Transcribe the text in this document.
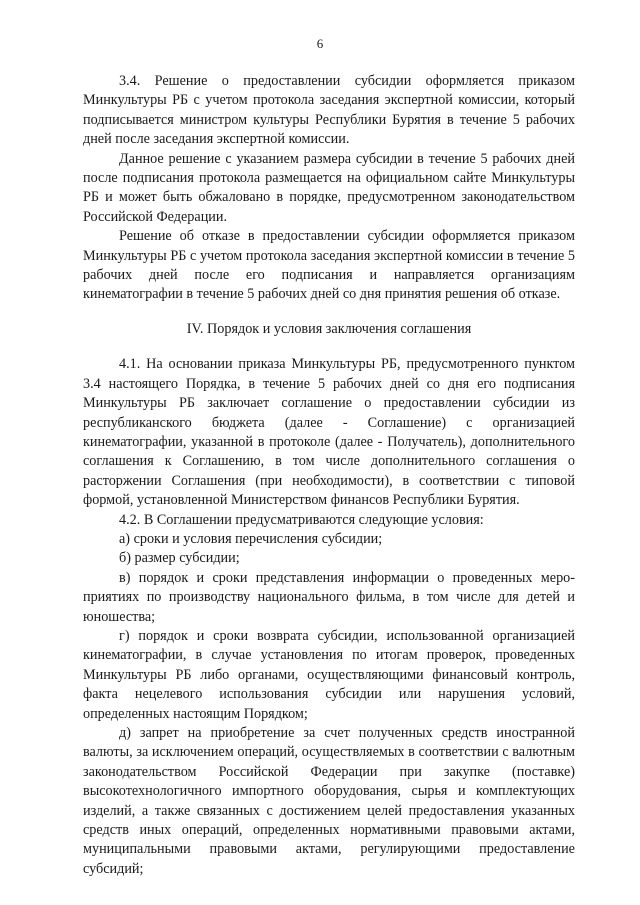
6

3.4. Решение о предоставлении субсидии оформляется приказом Минкультуры РБ с учетом протокола заседания экспертной комиссии, который подписывается министром культуры Республики Бурятия в течение 5 рабочих дней после заседания экспертной комиссии.

Данное решение с указанием размера субсидии в течение 5 рабочих дней после подписания протокола размещается на официальном сайте Минкультуры РБ и может быть обжаловано в порядке, предусмотренном законодательством Российской Федерации.

Решение об отказе в предоставлении субсидии оформляется приказом Минкультуры РБ с учетом протокола заседания экспертной комиссии в течение 5 рабочих дней после его подписания и направляется организациям кинематографии в течение 5 рабочих дней со дня принятия решения об отказе.

IV. Порядок и условия заключения соглашения

4.1. На основании приказа Минкультуры РБ, предусмотренного пунктом 3.4 настоящего Порядка, в течение 5 рабочих дней со дня его подписания Минкультуры РБ заключает соглашение о предоставлении субсидии из республиканского бюджета (далее - Соглашение) с организацией кинематографии, указанной в протоколе (далее - Получатель), дополнительного соглашения к Соглашению, в том числе дополнительного соглашения о расторжении Соглашения (при необходимости), в соответствии с типовой формой, установленной Министерством финансов Республики Бурятия.

4.2. В Соглашении предусматриваются следующие условия:

а) сроки и условия перечисления субсидии;

б) размер субсидии;

в) порядок и сроки представления информации о проведенных мероприятиях по производству национального фильма, в том числе для детей и юношества;

г) порядок и сроки возврата субсидии, использованной организацией кинематографии, в случае установления по итогам проверок, проведенных Минкультуры РБ либо органами, осуществляющими финансовый контроль, факта нецелевого использования субсидии или нарушения условий, определенных настоящим Порядком;

д) запрет на приобретение за счет полученных средств иностранной валюты, за исключением операций, осуществляемых в соответствии с валютным законодательством Российской Федерации при закупке (поставке) высокотехнологичного импортного оборудования, сырья и комплектующих изделий, а также связанных с достижением целей предоставления указанных средств иных операций, определенных нормативными правовыми актами, муниципальными правовыми актами, регулирующими предоставление субсидий;
